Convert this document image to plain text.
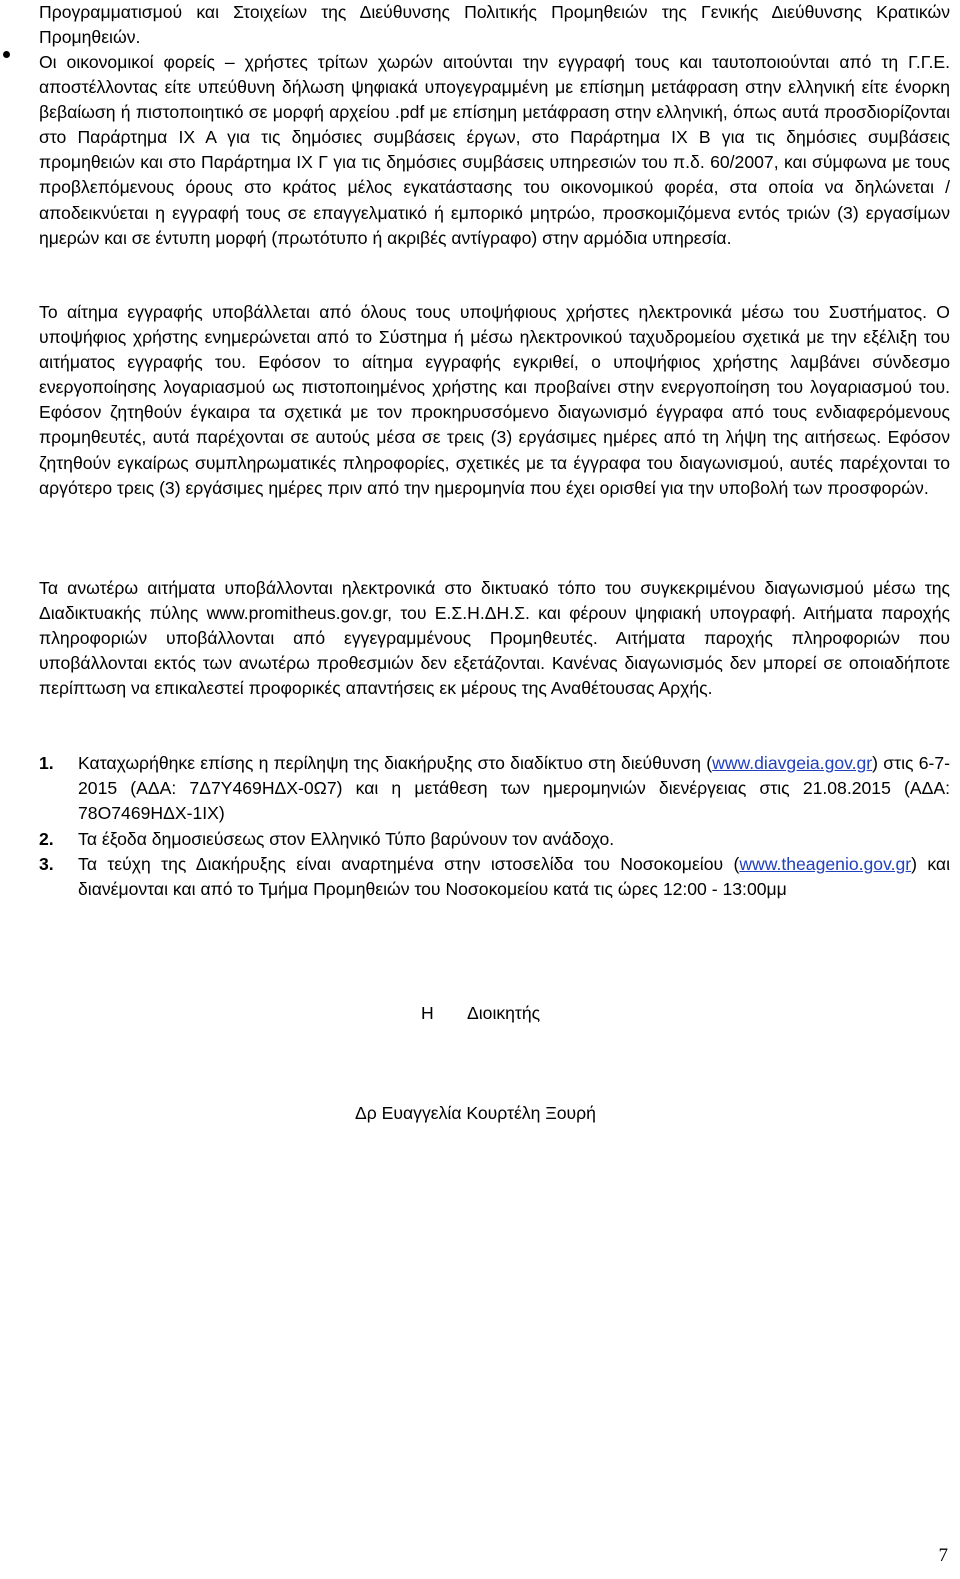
Προγραμματισμού και Στοιχείων της Διεύθυνσης Πολιτικής Προμηθειών της Γενικής Διεύθυνσης Κρατικών Προμηθειών.

Οι οικονομικοί φορείς – χρήστες τρίτων χωρών αιτούνται την εγγραφή τους και ταυτοποιούνται από τη Γ.Γ.Ε. αποστέλλοντας είτε υπεύθυνη δήλωση ψηφιακά υπογεγραμμένη με επίσημη μετάφραση στην ελληνική είτε ένορκη βεβαίωση ή πιστοποιητικό σε μορφή αρχείου .pdf με επίσημη μετάφραση στην ελληνική, όπως αυτά προσδιορίζονται στο Παράρτημα ΙΧ Α για τις δημόσιες συμβάσεις έργων, στο Παράρτημα ΙΧ Β για τις δημόσιες συμβάσεις προμηθειών και στο Παράρτημα ΙΧ Γ για τις δημόσιες συμβάσεις υπηρεσιών του π.δ. 60/2007, και σύμφωνα με τους προβλεπόμενους όρους στο κράτος μέλος εγκατάστασης του οικονομικού φορέα, στα οποία να δηλώνεται / αποδεικνύεται η εγγραφή τους σε επαγγελματικό ή εμπορικό μητρώο, προσκομιζόμενα εντός τριών (3) εργασίμων ημερών και σε έντυπη μορφή (πρωτότυπο ή ακριβές αντίγραφο) στην αρμόδια υπηρεσία.

Το αίτημα εγγραφής υποβάλλεται από όλους τους υποψήφιους χρήστες ηλεκτρονικά μέσω του Συστήματος. Ο υποψήφιος χρήστης ενημερώνεται από το Σύστημα ή μέσω ηλεκτρονικού ταχυδρομείου σχετικά με την εξέλιξη του αιτήματος εγγραφής του. Εφόσον το αίτημα εγγραφής εγκριθεί, ο υποψήφιος χρήστης λαμβάνει σύνδεσμο ενεργοποίησης λογαριασμού ως πιστοποιημένος χρήστης και προβαίνει στην ενεργοποίηση του λογαριασμού του. Εφόσον ζητηθούν έγκαιρα τα σχετικά με τον προκηρυσσόμενο διαγωνισμό έγγραφα από τους ενδιαφερόμενους προμηθευτές, αυτά παρέχονται σε αυτούς μέσα σε τρεις (3) εργάσιμες ημέρες από τη λήψη της αιτήσεως. Εφόσον ζητηθούν εγκαίρως συμπληρωματικές πληροφορίες, σχετικές με τα έγγραφα του διαγωνισμού, αυτές παρέχονται το αργότερο τρεις (3) εργάσιμες ημέρες πριν από την ημερομηνία που έχει ορισθεί για την υποβολή των προσφορών.

Τα ανωτέρω αιτήματα υποβάλλονται ηλεκτρονικά στο δικτυακό τόπο του συγκεκριμένου διαγωνισμού μέσω της Διαδικτυακής πύλης www.promitheus.gov.gr, του Ε.Σ.Η.ΔΗ.Σ. και φέρουν ψηφιακή υπογραφή. Αιτήματα παροχής πληροφοριών υποβάλλονται από εγγεγραμμένους Προμηθευτές. Αιτήματα παροχής πληροφοριών που υποβάλλονται εκτός των ανωτέρω προθεσμιών δεν εξετάζονται. Κανένας διαγωνισμός δεν μπορεί σε οποιαδήποτε περίπτωση να επικαλεστεί προφορικές απαντήσεις εκ μέρους της Αναθέτουσας Αρχής.

1. Καταχωρήθηκε επίσης η περίληψη της διακήρυξης στο διαδίκτυο στη διεύθυνση (www.diavgeia.gov.gr) στις 6-7-2015 (ΑΔΑ: 7Δ7Υ469ΗΔΧ-0Ω7) και η μετάθεση των ημερομηνιών διενέργειας στις 21.08.2015 (ΑΔΑ: 78Ο7469ΗΔΧ-1ΙΧ)

2. Τα έξοδα δημοσιεύσεως στον Ελληνικό Τύπο βαρύνουν τον ανάδοχο.

3. Τα τεύχη της Διακήρυξης είναι αναρτημένα στην ιστοσελίδα του Νοσοκομείου (www.theagenio.gov.gr) και διανέμονται και από το Τμήμα Προμηθειών του Νοσοκομείου κατά τις ώρες 12:00 - 13:00μμ

Η Διοικητής
Δρ Ευαγγελία Κουρτέλη Ξουρή
7
